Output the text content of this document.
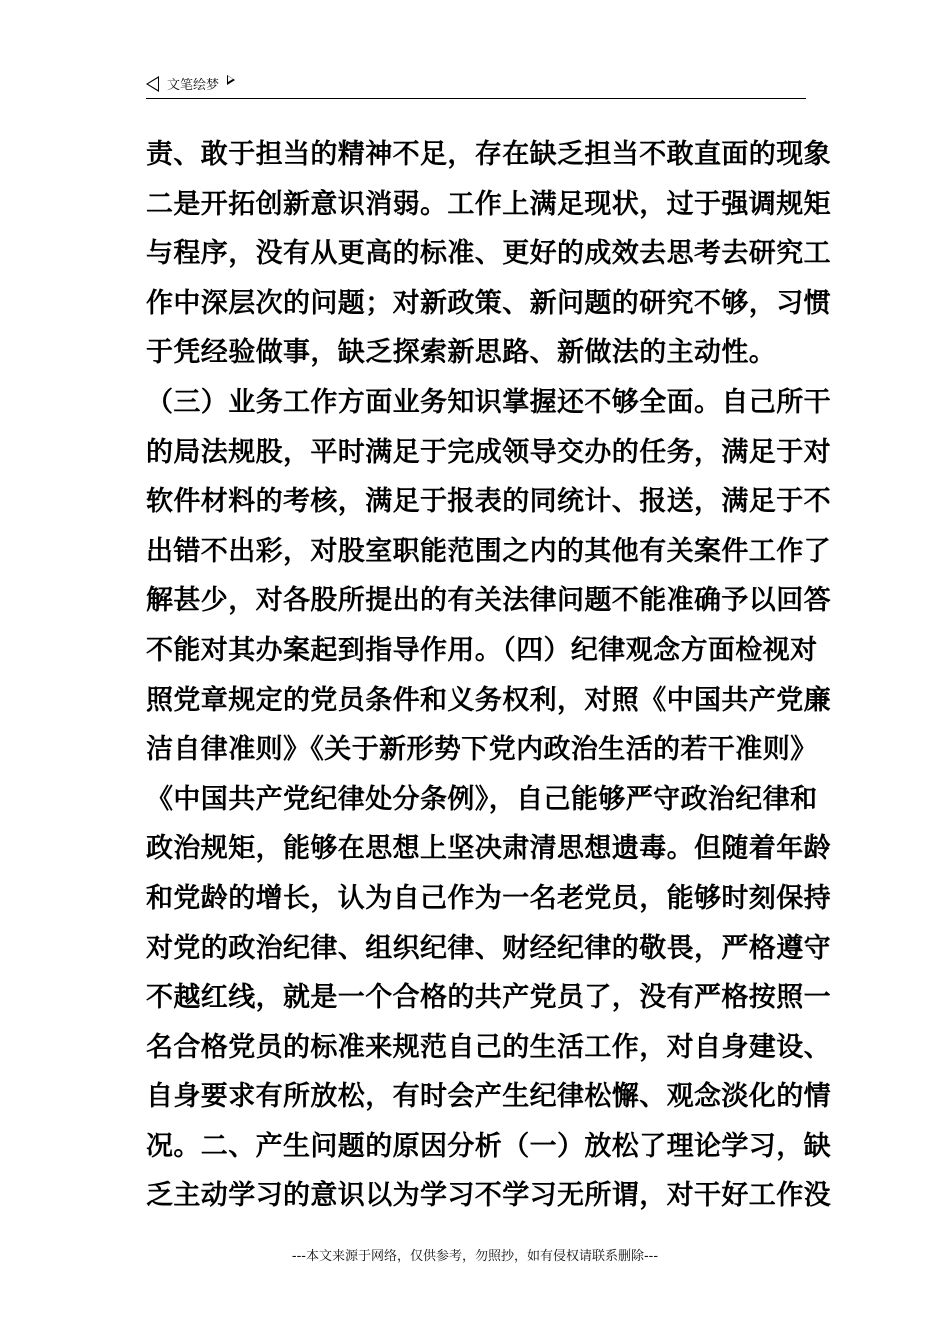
文笔绘梦
责、敢于担当的精神不足，存在缺乏担当不敢直面的现象
二是开拓创新意识消弱。工作上满足现状，过于强调规矩
与程序，没有从更高的标准、更好的成效去思考去研究工
作中深层次的问题；对新政策、新问题的研究不够，习惯
于凭经验做事，缺乏探索新思路、新做法的主动性。
（三）业务工作方面业务知识掌握还不够全面。自己所干
的局法规股，平时满足于完成领导交办的任务，满足于对
软件材料的考核，满足于报表的同统计、报送，满足于不
出错不出彩，对股室职能范围之内的其他有关案件工作了
解甚少，对各股所提出的有关法律问题不能准确予以回答
不能对其办案起到指导作用。（四）纪律观念方面检视对
照党章规定的党员条件和义务权利，对照《中国共产党廉
洁自律准则》《关于新形势下党内政治生活的若干准则》
《中国共产党纪律处分条例》，自己能够严守政治纪律和
政治规矩，能够在思想上坚决肃清思想遗毒。但随着年龄
和党龄的增长，认为自己作为一名老党员，能够时刻保持
对党的政治纪律、组织纪律、财经纪律的敬畏，严格遵守
不越红线，就是一个合格的共产党员了，没有严格按照一
名合格党员的标准来规范自己的生活工作，对自身建设、
自身要求有所放松，有时会产生纪律松懈、观念淡化的情
况。二、产生问题的原因分析（一）放松了理论学习，缺
乏主动学习的意识以为学习不学习无所谓，对干好工作没
---本文来源于网络，仅供参考，勿照抄，如有侵权请联系删除---
